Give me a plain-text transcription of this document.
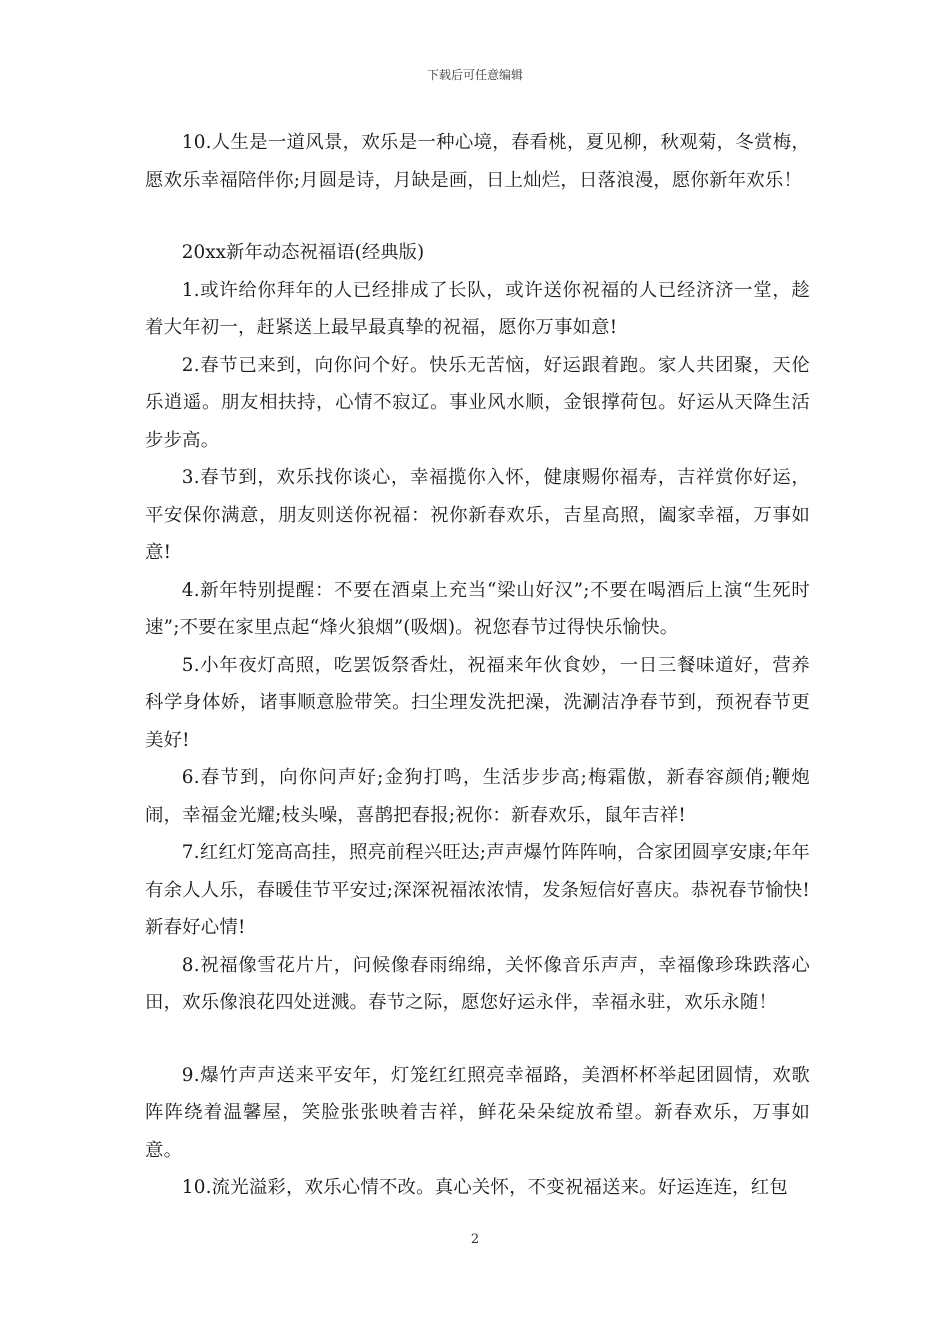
下载后可任意编辑

10.人生是一道风景，欢乐是一种心境，春看桃，夏见柳，秋观菊，冬赏梅，愿欢乐幸福陪伴你;月圆是诗，月缺是画，日上灿烂，日落浪漫，愿你新年欢乐！

20xx新年动态祝福语(经典版)

1.或许给你拜年的人已经排成了长队，或许送你祝福的人已经济济一堂，趁着大年初一，赶紧送上最早最真挚的祝福，愿你万事如意!

2.春节已来到，向你问个好。快乐无苦恼，好运跟着跑。家人共团聚，天伦乐逍遥。朋友相扶持，心情不寂辽。事业风水顺，金银撑荷包。好运从天降生活步步高。

3.春节到，欢乐找你谈心，幸福揽你入怀，健康赐你福寿，吉祥赏你好运，平安保你满意，朋友则送你祝福：祝你新春欢乐，吉星高照，阖家幸福，万事如意!

4.新年特别提醒：不要在酒桌上充当“梁山好汉”;不要在喝酒后上演“生死时速”;不要在家里点起“烽火狼烟”(吸烟)。祝您春节过得快乐愉快。

5.小年夜灯高照，吃罢饭祭香灶，祝福来年伙食妙，一日三餐味道好，营养科学身体娇，诸事顺意脸带笑。扫尘理发洗把澡，洗涮洁净春节到，预祝春节更美好!

6.春节到，向你问声好;金狗打鸣，生活步步高;梅霜傲，新春容颜俏;鞭炮闹，幸福金光耀;枝头噪，喜鹊把春报;祝你：新春欢乐，鼠年吉祥!

7.红红灯笼高高挂，照亮前程兴旺达;声声爆竹阵阵响，合家团圆享安康;年年有余人人乐，春暖佳节平安过;深深祝福浓浓情，发条短信好喜庆。恭祝春节愉快!新春好心情!

8.祝福像雪花片片，问候像春雨绵绵，关怀像音乐声声，幸福像珍珠跌落心田，欢乐像浪花四处迸溅。春节之际，愿您好运永伴，幸福永驻，欢乐永随！

9.爆竹声声送来平安年，灯笼红红照亮幸福路，美酒杯杯举起团圆情，欢歌阵阵绕着温馨屋，笑脸张张映着吉祥，鲜花朵朵绽放希望。新春欢乐，万事如意。

10.流光溢彩，欢乐心情不改。真心关怀，不变祝福送来。好运连连，红包

2
